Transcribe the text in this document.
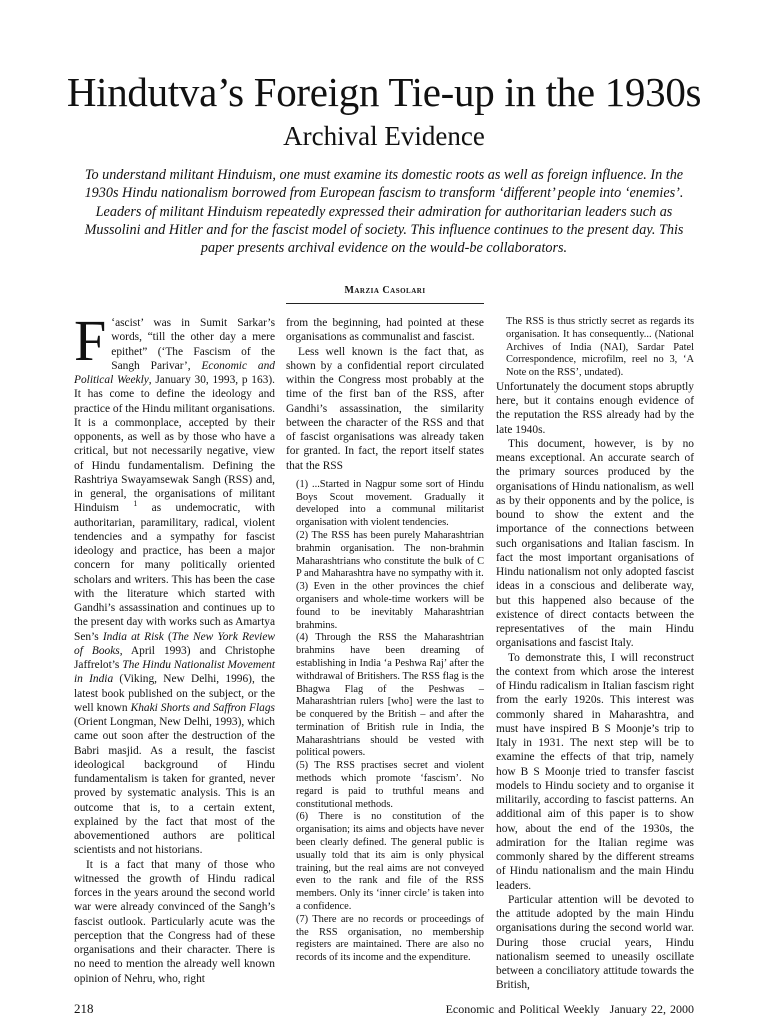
Hindutva’s Foreign Tie-up in the 1930s
Archival Evidence
To understand militant Hinduism, one must examine its domestic roots as well as foreign influence. In the 1930s Hindu nationalism borrowed from European fascism to transform ‘different’ people into ‘enemies’. Leaders of militant Hinduism repeatedly expressed their admiration for authoritarian leaders such as Mussolini and Hitler and for the fascist model of society. This influence continues to the present day. This paper presents archival evidence on the would-be collaborators.
Marzia Casolari

‘
F ascist’ was in Sumit Sarkar’s words, “till the other day a mere epithet” (‘The Fascism of the Sangh Parivar’, Economic and Political Weekly, January 30, 1993, p 163). It has come to define the ideology and practice of the Hindu militant organisations. It is a commonplace, accepted by their opponents, as well as by those who have a critical, but not necessarily negative, view of Hindu fundamentalism. Defining the Rashtriya Swayamsewak Sangh (RSS) and, in general, the organisations of militant Hinduism $^1$ as undemocratic, with authoritarian, paramilitary, radical, violent tendencies and a sympathy for fascist ideology and practice, has been a major concern for many politically oriented scholars and writers. This has been the case with the literature which started with Gandhi’s assassination and continues up to the present day with works such as Amartya Sen’s India at Risk (The New York Review of Books, April 1993) and Christophe Jaffrelot’s The Hindu Nationalist Movement in India (Viking, New Delhi, 1996), the latest book published on the subject, or the well known Khaki Shorts and Saffron Flags (Orient Longman, New Delhi, 1993), which came out soon after the destruction of the Babri masjid. As a result, the fascist ideological background of Hindu fundamentalism is taken for granted, never proved by systematic analysis. This is an outcome that is, to a certain extent, explained by the fact that most of the abovementioned authors are political scientists and not historians.

It is a fact that many of those who witnessed the growth of Hindu radical forces in the years around the second world war were already convinced of the Sangh’s fascist outlook. Particularly acute was the perception that the Congress had of these organisations and their character. There is no need to mention the already well known opinion of Nehru, who, right

from the beginning, had pointed at these organisations as communalist and fascist.

Less well known is the fact that, as shown by a confidential report circulated within the Congress most probably at the time of the first ban of the RSS, after Gandhi’s assassination, the similarity between the character of the RSS and that of fascist organisations was already taken for granted. In fact, the report itself states that the RSS

(1) ...Started in Nagpur some sort of Hindu Boys Scout movement. Gradually it developed into a communal militarist organisation with violent tendencies.

(2) The RSS has been purely Maharashtrian brahmin organisation. The non-brahmin Maharashtrians who constitute the bulk of C P and Maharashtra have no sympathy with it.

(3) Even in the other provinces the chief organisers and whole-time workers will be found to be inevitably Maharashtrian brahmins.

(4) Through the RSS the Maharashtrian brahmins have been dreaming of establishing in India ‘a Peshwa Raj’ after the withdrawal of Britishers. The RSS flag is the Bhagwa Flag of the Peshwas – Maharashtrian rulers [who] were the last to be conquered by the British – and after the termination of British rule in India, the Maharashtrians should be vested with political powers.

(5) The RSS practises secret and violent methods which promote ‘fascism’. No regard is paid to truthful means and constitutional methods.

(6) There is no constitution of the organisation; its aims and objects have never been clearly defined. The general public is usually told that its aim is only physical training, but the real aims are not conveyed even to the rank and file of the RSS members. Only its ‘inner circle’ is taken into a confidence.

(7) There are no records or proceedings of the RSS organisation, no membership registers are maintained. There are also no records of its income and the expenditure.

The RSS is thus strictly secret as regards its organisation. It has consequently... (National Archives of India (NAI), Sardar Patel Correspondence, microfilm, reel no 3, ‘A Note on the RSS’, undated).

Unfortunately the document stops abruptly here, but it contains enough evidence of the reputation the RSS already had by the late 1940s.

This document, however, is by no means exceptional. An accurate search of the primary sources produced by the organisations of Hindu nationalism, as well as by their opponents and by the police, is bound to show the extent and the importance of the connections between such organisations and Italian fascism. In fact the most important organisations of Hindu nationalism not only adopted fascist ideas in a conscious and deliberate way, but this happened also because of the existence of direct contacts between the representatives of the main Hindu organisations and fascist Italy.

To demonstrate this, I will reconstruct the context from which arose the interest of Hindu radicalism in Italian fascism right from the early 1920s. This interest was commonly shared in Maharashtra, and must have inspired B S Moonje’s trip to Italy in 1931. The next step will be to examine the effects of that trip, namely how B S Moonje tried to transfer fascist models to Hindu society and to organise it militarily, according to fascist patterns. An additional aim of this paper is to show how, about the end of the 1930s, the admiration for the Italian regime was commonly shared by the different streams of Hindu nationalism and the main Hindu leaders.

Particular attention will be devoted to the attitude adopted by the main Hindu organisations during the second world war. During those crucial years, Hindu nationalism seemed to uneasily oscillate between a conciliatory attitude towards the British,

218	Economic and Political Weekly January 22, 2000
